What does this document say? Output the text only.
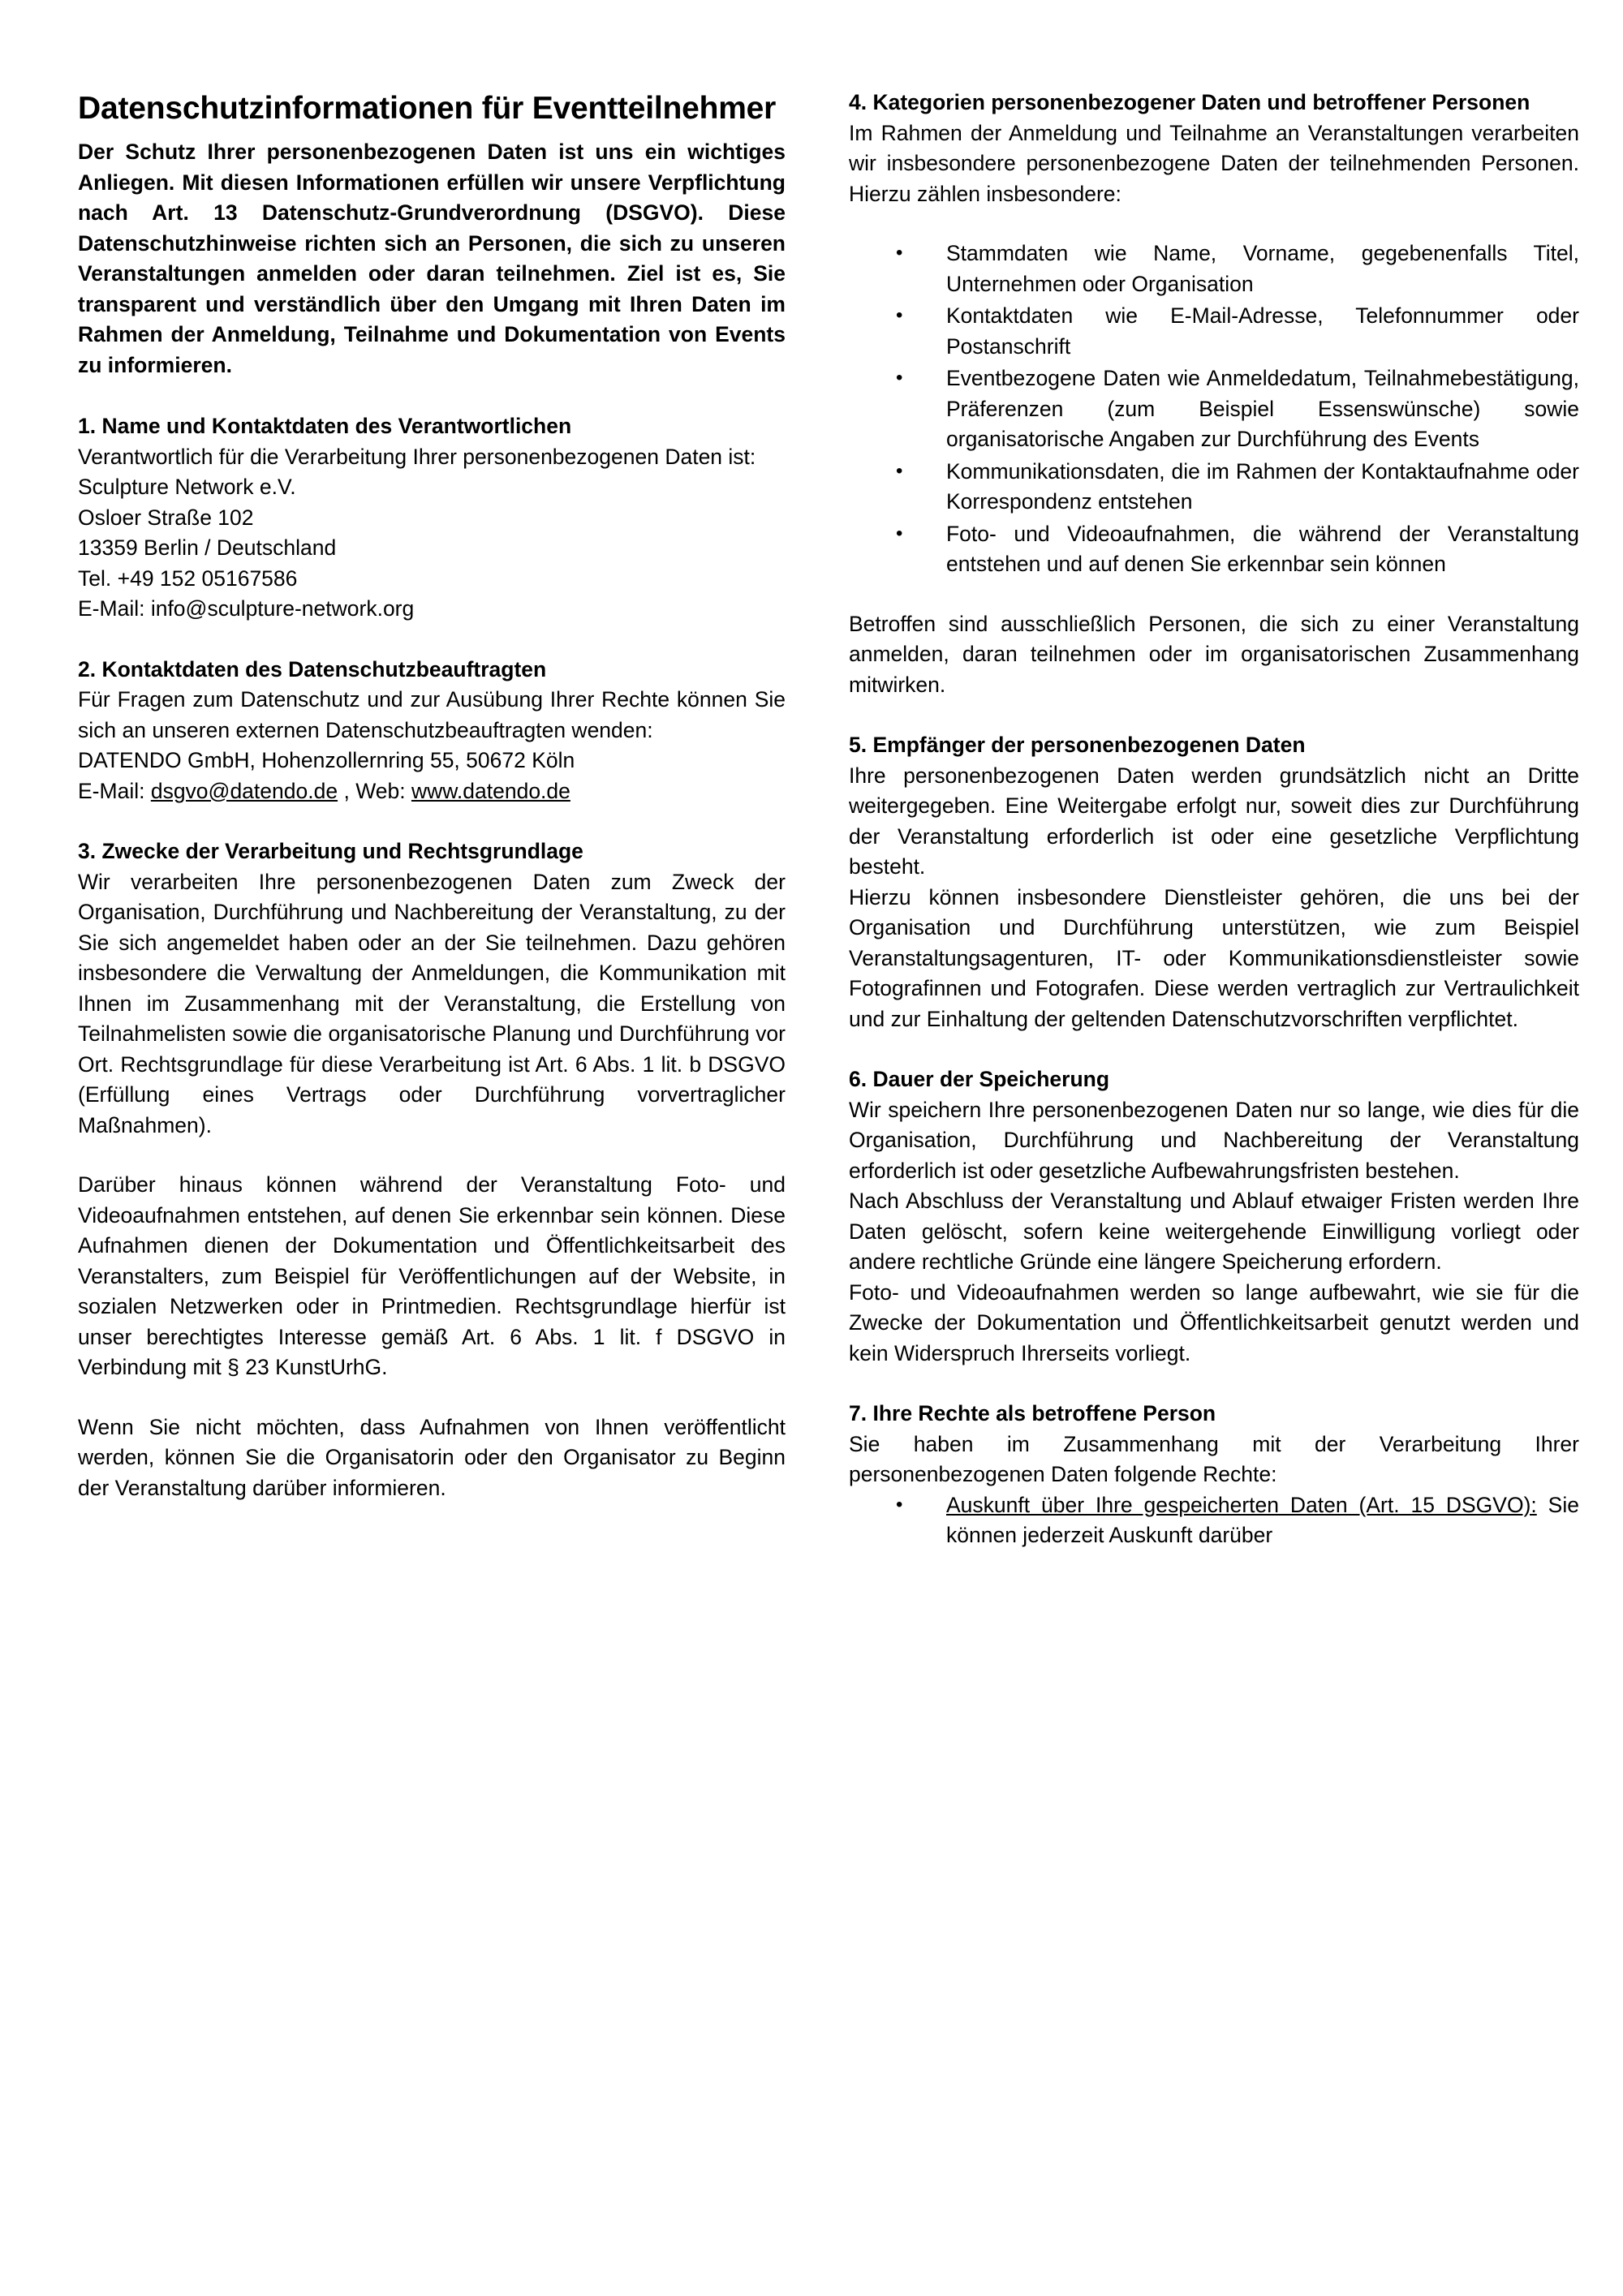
Datenschutzinformationen für Eventteilnehmer

Der Schutz Ihrer personenbezogenen Daten ist uns ein wichtiges Anliegen. Mit diesen Informationen erfüllen wir unsere Verpflichtung nach Art. 13 Datenschutz-Grundverordnung (DSGVO). Diese Datenschutzhinweise richten sich an Personen, die sich zu unseren Veranstaltungen anmelden oder daran teilnehmen. Ziel ist es, Sie transparent und verständlich über den Umgang mit Ihren Daten im Rahmen der Anmeldung, Teilnahme und Dokumentation von Events zu informieren.

1. Name und Kontaktdaten des Verantwortlichen

Verantwortlich für die Verarbeitung Ihrer personenbezogenen Daten ist:

Sculpture Network e.V.

Osloer Straße 102

13359 Berlin / Deutschland

Tel. +49 152 05167586

E-Mail: info@sculpture-network.org

2. Kontaktdaten des Datenschutzbeauftragten

Für Fragen zum Datenschutz und zur Ausübung Ihrer Rechte können Sie sich an unseren externen Datenschutzbeauftragten wenden:

DATENDO GmbH, Hohenzollernring 55, 50672 Köln

E-Mail: dsgvo@datendo.de , Web: www.datendo.de

3. Zwecke der Verarbeitung und Rechtsgrundlage

Wir verarbeiten Ihre personenbezogenen Daten zum Zweck der Organisation, Durchführung und Nachbereitung der Veranstaltung, zu der Sie sich angemeldet haben oder an der Sie teilnehmen. Dazu gehören insbesondere die Verwaltung der Anmeldungen, die Kommunikation mit Ihnen im Zusammenhang mit der Veranstaltung, die Erstellung von Teilnahmelisten sowie die organisatorische Planung und Durchführung vor Ort. Rechtsgrundlage für diese Verarbeitung ist Art. 6 Abs. 1 lit. b DSGVO (Erfüllung eines Vertrags oder Durchführung vorvertraglicher Maßnahmen).

Darüber hinaus können während der Veranstaltung Foto- und Videoaufnahmen entstehen, auf denen Sie erkennbar sein können. Diese Aufnahmen dienen der Dokumentation und Öffentlichkeitsarbeit des Veranstalters, zum Beispiel für Veröffentlichungen auf der Website, in sozialen Netzwerken oder in Printmedien. Rechtsgrundlage hierfür ist unser berechtigtes Interesse gemäß Art. 6 Abs. 1 lit. f DSGVO in Verbindung mit § 23 KunstUrhG.

Wenn Sie nicht möchten, dass Aufnahmen von Ihnen veröffentlicht werden, können Sie die Organisatorin oder den Organisator zu Beginn der Veranstaltung darüber informieren.

4. Kategorien personenbezogener Daten und betroffener Personen

Im Rahmen der Anmeldung und Teilnahme an Veranstaltungen verarbeiten wir insbesondere personenbezogene Daten der teilnehmenden Personen. Hierzu zählen insbesondere:

• Stammdaten wie Name, Vorname, gegebenenfalls Titel, Unternehmen oder Organisation
• Kontaktdaten wie E-Mail-Adresse, Telefonnummer oder Postanschrift
• Eventbezogene Daten wie Anmeldedatum, Teilnahmebestätigung, Präferenzen (zum Beispiel Essenswünsche) sowie organisatorische Angaben zur Durchführung des Events
• Kommunikationsdaten, die im Rahmen der Kontaktaufnahme oder Korrespondenz entstehen
• Foto- und Videoaufnahmen, die während der Veranstaltung entstehen und auf denen Sie erkennbar sein können

Betroffen sind ausschließlich Personen, die sich zu einer Veranstaltung anmelden, daran teilnehmen oder im organisatorischen Zusammenhang mitwirken.

5. Empfänger der personenbezogenen Daten

Ihre personenbezogenen Daten werden grundsätzlich nicht an Dritte weitergegeben. Eine Weitergabe erfolgt nur, soweit dies zur Durchführung der Veranstaltung erforderlich ist oder eine gesetzliche Verpflichtung besteht.

Hierzu können insbesondere Dienstleister gehören, die uns bei der Organisation und Durchführung unterstützen, wie zum Beispiel Veranstaltungsagenturen, IT- oder Kommunikationsdienstleister sowie Fotografinnen und Fotografen. Diese werden vertraglich zur Vertraulichkeit und zur Einhaltung der geltenden Datenschutzvorschriften verpflichtet.

6. Dauer der Speicherung

Wir speichern Ihre personenbezogenen Daten nur so lange, wie dies für die Organisation, Durchführung und Nachbereitung der Veranstaltung erforderlich ist oder gesetzliche Aufbewahrungsfristen bestehen.

Nach Abschluss der Veranstaltung und Ablauf etwaiger Fristen werden Ihre Daten gelöscht, sofern keine weitergehende Einwilligung vorliegt oder andere rechtliche Gründe eine längere Speicherung erfordern.

Foto- und Videoaufnahmen werden so lange aufbewahrt, wie sie für die Zwecke der Dokumentation und Öffentlichkeitsarbeit genutzt werden und kein Widerspruch Ihrerseits vorliegt.

7. Ihre Rechte als betroffene Person

Sie haben im Zusammenhang mit der Verarbeitung Ihrer personenbezogenen Daten folgende Rechte:

• Auskunft über Ihre gespeicherten Daten (Art. 15 DSGVO): Sie können jederzeit Auskunft darüber
